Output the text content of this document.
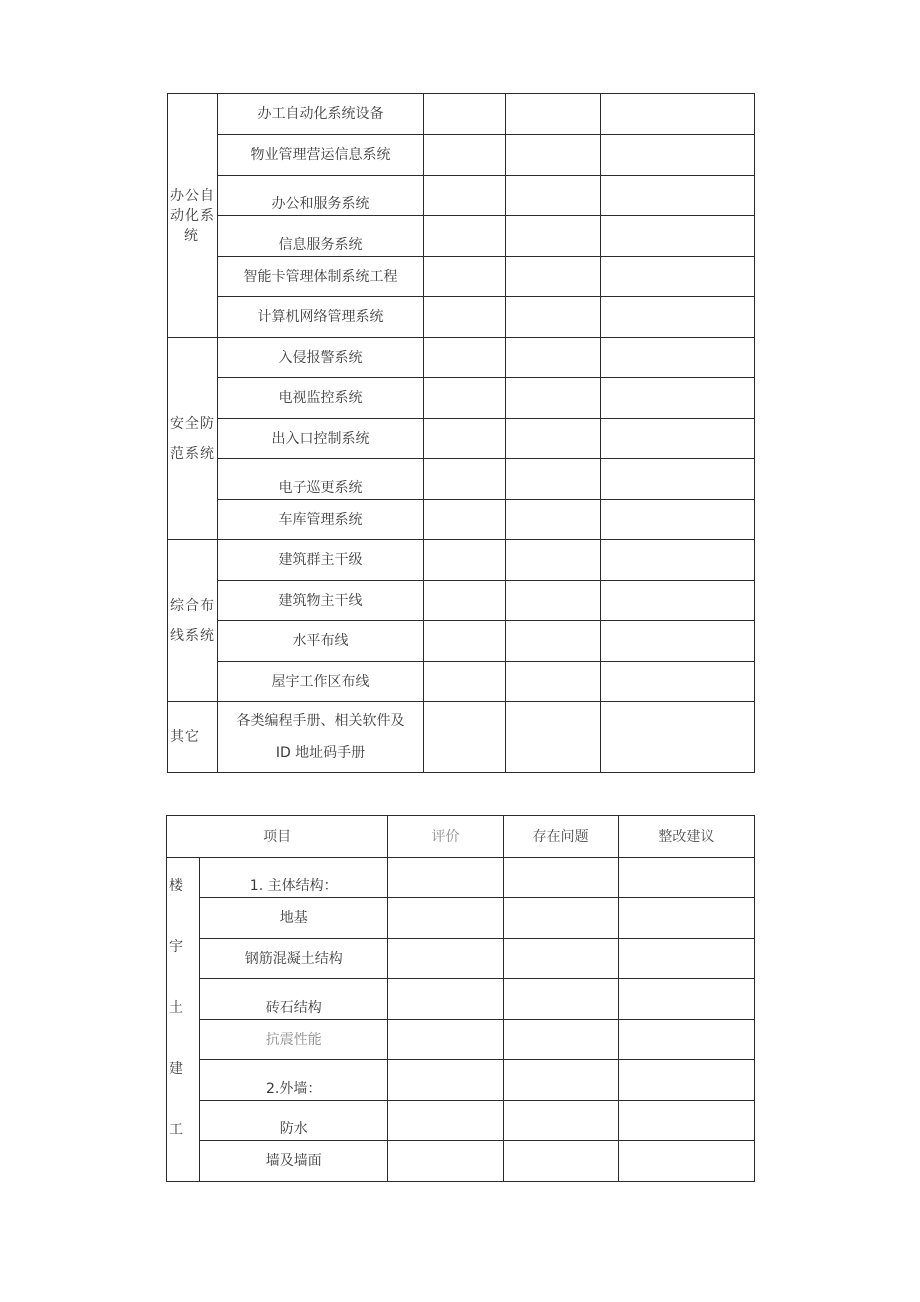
办公自
动化系
统	办工自动化系统设备			
	物业管理营运信息系统			
	办公和服务系统			
	信息服务系统			
	智能卡管理体制系统工程			
	计算机网络管理系统			

安全防
范系统	入侵报警系统			
	电视监控系统			
	出入口控制系统			
	电子巡更系统			
	车库管理系统			

综合布
线系统	建筑群主干级			
	建筑物主干线			
	水平布线			
	屋宇工作区布线			
其它	各类编程手册、相关软件及
ID 地址码手册			

项目		评价	存在问题	整改建议

楼
宇
土
建
工	1. 主体结构：			
	地基			
	钢筋混凝土结构			
	砖石结构			
	抗震性能			
	2.外墙：			
	防水			
	墙及墙面			
